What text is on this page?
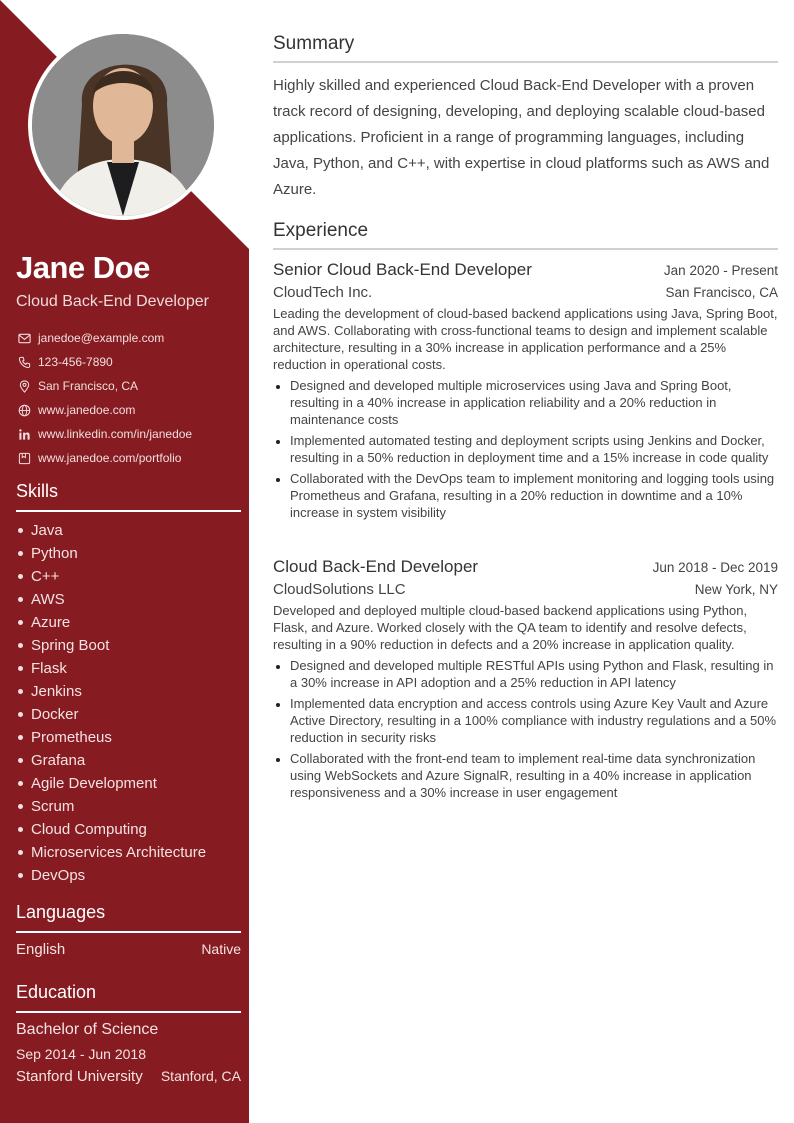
Jane Doe
Cloud Back-End Developer
janedoe@example.com
123-456-7890
San Francisco, CA
www.janedoe.com
www.linkedin.com/in/janedoe
www.janedoe.com/portfolio
Skills
Java
Python
C++
AWS
Azure
Spring Boot
Flask
Jenkins
Docker
Prometheus
Grafana
Agile Development
Scrum
Cloud Computing
Microservices Architecture
DevOps
Languages
English	Native
Education
Bachelor of Science
Sep 2014 - Jun 2018
Stanford University Stanford, CA
Summary
Highly skilled and experienced Cloud Back-End Developer with a proven track record of designing, developing, and deploying scalable cloud-based applications. Proficient in a range of programming languages, including Java, Python, and C++, with expertise in cloud platforms such as AWS and Azure.
Experience
Senior Cloud Back-End Developer	Jan 2020 - Present
CloudTech Inc.	San Francisco, CA
Leading the development of cloud-based backend applications using Java, Spring Boot, and AWS. Collaborating with cross-functional teams to design and implement scalable architecture, resulting in a 30% increase in application performance and a 25% reduction in operational costs.
Designed and developed multiple microservices using Java and Spring Boot, resulting in a 40% increase in application reliability and a 20% reduction in maintenance costs
Implemented automated testing and deployment scripts using Jenkins and Docker, resulting in a 50% reduction in deployment time and a 15% increase in code quality
Collaborated with the DevOps team to implement monitoring and logging tools using Prometheus and Grafana, resulting in a 20% reduction in downtime and a 10% increase in system visibility
Cloud Back-End Developer	Jun 2018 - Dec 2019
CloudSolutions LLC	New York, NY
Developed and deployed multiple cloud-based backend applications using Python, Flask, and Azure. Worked closely with the QA team to identify and resolve defects, resulting in a 90% reduction in defects and a 20% increase in application quality.
Designed and developed multiple RESTful APIs using Python and Flask, resulting in a 30% increase in API adoption and a 25% reduction in API latency
Implemented data encryption and access controls using Azure Key Vault and Azure Active Directory, resulting in a 100% compliance with industry regulations and a 50% reduction in security risks
Collaborated with the front-end team to implement real-time data synchronization using WebSockets and Azure SignalR, resulting in a 40% increase in application responsiveness and a 30% increase in user engagement
